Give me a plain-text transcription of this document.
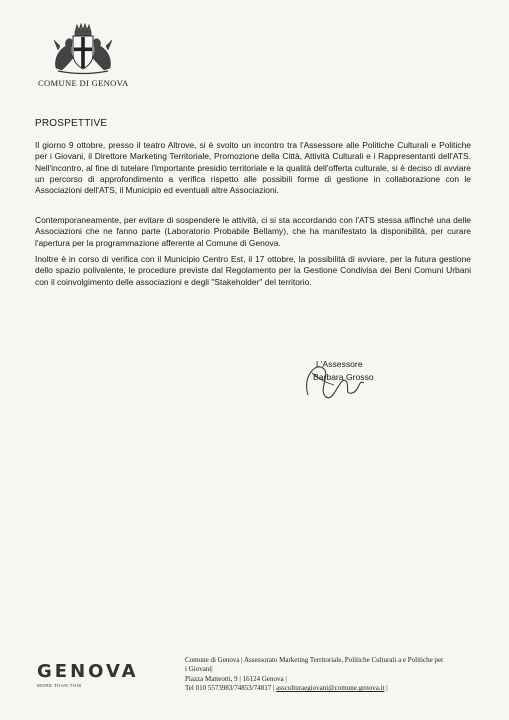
COMUNE DI GENOVA
PROSPETTIVE

Il giorno 9 ottobre, presso il teatro Altrove, si è svolto un incontro tra l'Assessore alle Politiche Culturali e Politiche per i Giovani, il Direttore Marketing Territoriale, Promozione della Città, Attività Culturali e i Rappresentanti dell'ATS. Nell'incontro, al fine di tutelare l'importante presidio territoriale e la qualità dell'offerta culturale, si è deciso di avviare un percorso di approfondimento a verifica rispetto alle possibili forme di gestione in collaborazione con le Associazioni dell'ATS, il Municipio ed eventuali altre Associazioni.

Contemporaneamente, per evitare di sospendere le attività, ci si sta accordando con l'ATS stessa affinché una delle Associazioni che ne fanno parte (Laboratorio Probabile Bellamy), che ha manifestato la disponibilità, per curare l'apertura per la programmazione afferente al Comune di Genova.

Inoltre è in corso di verifica con il Municipio Centro Est, il 17 ottobre, la possibilità di avviare, per la futura gestione dello spazio polivalente, le procedure previste dal Regolamento per la Gestione Condivisa dei Beni Comuni Urbani con il coinvolgimento delle associazioni e degli "Stakeholder" del territorio.

L'Assessore
Barbara Grosso
GENOVA
MORE THAN THIS
Comune di Genova | Assessorato Marketing Territoriale, Politiche Culturali a e Politiche per
i Giovani|
Piazza Matteotti, 9 | 16124 Genova |
Tel 010 5573983/74853/74817 | assculturaegiovani@comune.genova.it |
